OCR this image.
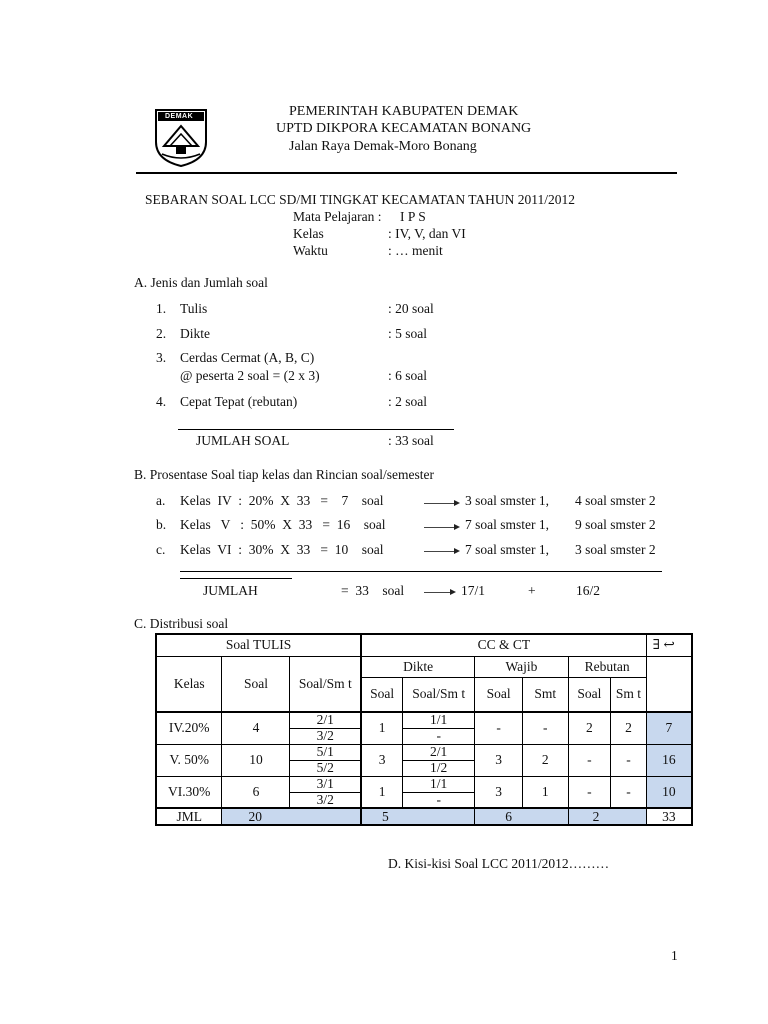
DEMAK	PEMERINTAH KABUPATEN DEMAK
UPTD DIKPORA KECAMATAN BONANG
Jalan Raya Demak-Moro Bonang
SEBARAN SOAL LCC SD/MI TINGKAT KECAMATAN TAHUN 2011/2012
Mata Pelajaran : I P S
Kelas	: IV, V, dan VI
Waktu	: … menit
A. Jenis dan Jumlah soal
1. Tulis	: 20 soal
2. Dikte	: 5 soal
3. Cerdas Cermat (A, B, C)
@ peserta 2 soal = (2 x 3)	: 6 soal
4. Cepat Tepat (rebutan)	: 2 soal
JUMLAH SOAL	: 33 soal
B. Prosentase Soal tiap kelas dan Rincian soal/semester
a. Kelas  IV  :  20%  X  33   =    7    soal	3 soal smster 1, 4 soal smster 2
b. Kelas   V   :  50%  X  33   =  16    soal	7 soal smster 1, 9 soal smster 2
c. Kelas  VI  :  30%  X  33   =  10    soal	7 soal smster 1, 3 soal smster 2
JUMLAH	=  33    soal	17/1	+	16/2
C. Distribusi soal
Soal TULIS			CC & CT						∃ ↩
Kelas	Soal	Soal/Sm t	Dikte		Wajib		Rebutan		
			Soal	Soal/Sm t	Soal	Smt	Soal	Sm t	
IV.20%	4	2/1	1	1/1	-	-	2	2	7
		3/2		-					
V. 50%	10	5/1	3	2/1	3	2	-	-	16
		5/2		1/2					
VI.30%	6	3/1	1	1/1	3	1	-	-	10
		3/2		-					
JML	20		5		6		2		33
D. Kisi-kisi Soal LCC 2011/2012………
1
